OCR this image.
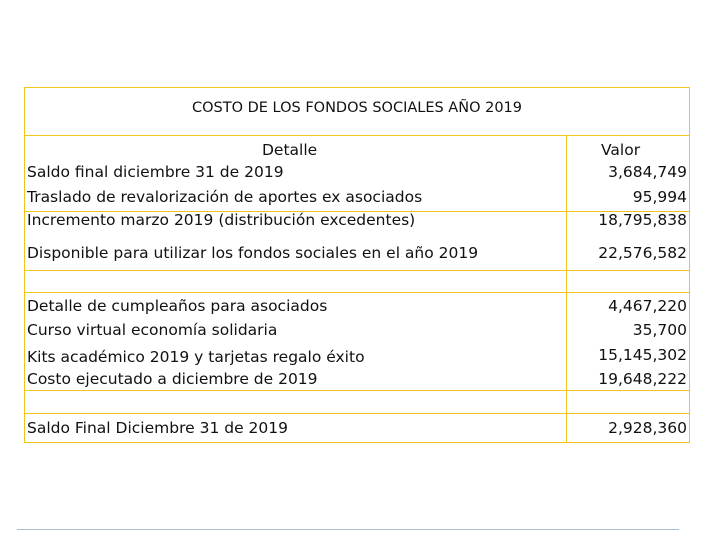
COSTO DE LOS FONDOS SOCIALES AÑO 2019
Detalle	Valor
Saldo final diciembre 31 de 2019	3,684,749
Traslado de revalorización de aportes ex asociados	95,994
Incremento marzo 2019 (distribución excedentes)	18,795,838
Disponible para utilizar los fondos sociales en el año 2019	22,576,582
Detalle de cumpleaños para asociados	4,467,220
Curso virtual economía solidaria	35,700
Kits académico 2019 y tarjetas regalo éxito	15,145,302
Costo ejecutado a diciembre de 2019	19,648,222
Saldo Final Diciembre 31 de 2019	2,928,360
